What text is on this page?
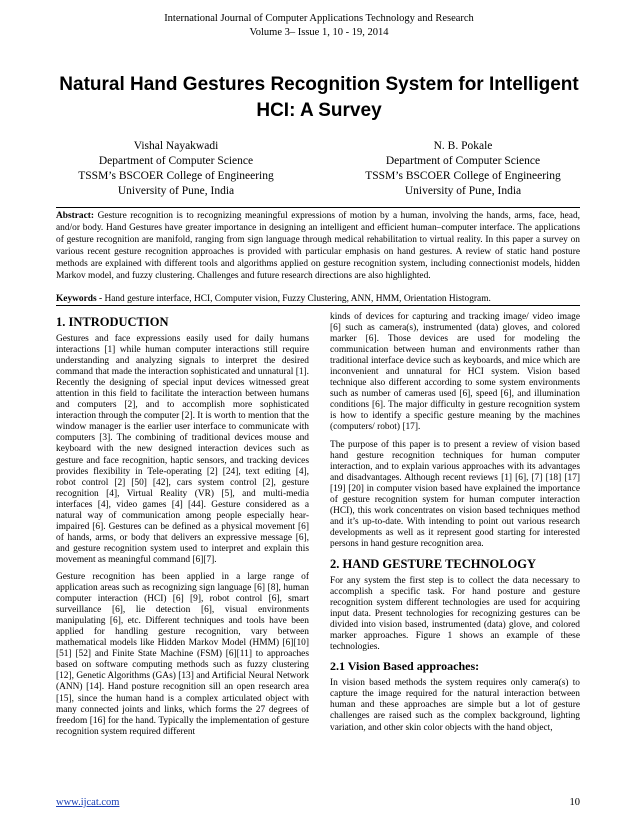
International Journal of Computer Applications Technology and Research
Volume 3– Issue 1, 10 - 19, 2014
Natural Hand Gestures Recognition System for Intelligent HCI: A Survey
Vishal Nayakwadi
Department of Computer Science
TSSM’s BSCOER College of Engineering
University of Pune, India
N. B. Pokale
Department of Computer Science
TSSM’s BSCOER College of Engineering
University of Pune, India
Abstract: Gesture recognition is to recognizing meaningful expressions of motion by a human, involving the hands, arms, face, head, and/or body. Hand Gestures have greater importance in designing an intelligent and efficient human–computer interface. The applications of gesture recognition are manifold, ranging from sign language through medical rehabilitation to virtual reality. In this paper a survey on various recent gesture recognition approaches is provided with particular emphasis on hand gestures. A review of static hand posture methods are explained with different tools and algorithms applied on gesture recognition system, including connectionist models, hidden Markov model, and fuzzy clustering. Challenges and future research directions are also highlighted.
Keywords - Hand gesture interface, HCI, Computer vision, Fuzzy Clustering, ANN, HMM, Orientation Histogram.
1. INTRODUCTION

Gestures and face expressions easily used for daily humans interactions [1] while human computer interactions still require understanding and analyzing signals to interpret the desired command that made the interaction sophisticated and unnatural [1]. Recently the designing of special input devices witnessed great attention in this field to facilitate the interaction between humans and computers [2], and to accomplish more sophisticated interaction through the computer [2]. It is worth to mention that the window manager is the earlier user interface to communicate with computers [3]. The combining of traditional devices mouse and keyboard with the new designed interaction devices such as gesture and face recognition, haptic sensors, and tracking devices provides flexibility in Tele-operating [2] [24], text editing [4], robot control [2] [50] [42], cars system control [2], gesture recognition [4], Virtual Reality (VR) [5], and multi-media interfaces [4], video games [4] [44]. Gesture considered as a natural way of communication among people especially hear-impaired [6]. Gestures can be defined as a physical movement [6] of hands, arms, or body that delivers an expressive message [6], and gesture recognition system used to interpret and explain this movement as meaningful command [6][7].

Gesture recognition has been applied in a large range of application areas such as recognizing sign language [6] [8], human computer interaction (HCI) [6] [9], robot control [6], smart surveillance [6], lie detection [6], visual environments manipulating [6], etc. Different techniques and tools have been applied for handling gesture recognition, vary between mathematical models like Hidden Markov Model (HMM) [6][10] [51] [52] and Finite State Machine (FSM) [6][11] to approaches based on software computing methods such as fuzzy clustering [12], Genetic Algorithms (GAs) [13] and Artificial Neural Network (ANN) [14]. Hand posture recognition sill an open research area [15], since the human hand is a complex articulated object with many connected joints and links, which forms the 27 degrees of freedom [16] for the hand. Typically the implementation of gesture recognition system required different

kinds of devices for capturing and tracking image/ video image [6] such as camera(s), instrumented (data) gloves, and colored marker [6]. Those devices are used for modeling the communication between human and environments rather than traditional interface device such as keyboards, and mice which are inconvenient and unnatural for HCI system. Vision based technique also different according to some system environments such as number of cameras used [6], speed [6], and illumination conditions [6]. The major difficulty in gesture recognition system is how to identify a specific gesture meaning by the machines (computers/ robot) [17].

The purpose of this paper is to present a review of vision based hand gesture recognition techniques for human computer interaction, and to explain various approaches with its advantages and disadvantages. Although recent reviews [1] [6], [7] [18] [17] [19] [20] in computer vision based have explained the importance of gesture recognition system for human computer interaction (HCI), this work concentrates on vision based techniques method and it’s up-to-date. With intending to point out various research developments as well as it represent good starting for interested persons in hand gesture recognition area.

2. HAND GESTURE TECHNOLOGY

For any system the first step is to collect the data necessary to accomplish a specific task. For hand posture and gesture recognition system different technologies are used for acquiring input data. Present technologies for recognizing gestures can be divided into vision based, instrumented (data) glove, and colored marker approaches. Figure 1 shows an example of these technologies.

2.1 Vision Based approaches:

In vision based methods the system requires only camera(s) to capture the image required for the natural interaction between human and these approaches are simple but a lot of gesture challenges are raised such as the complex background, lighting variation, and other skin color objects with the hand object,

www.ijcat.com	10
